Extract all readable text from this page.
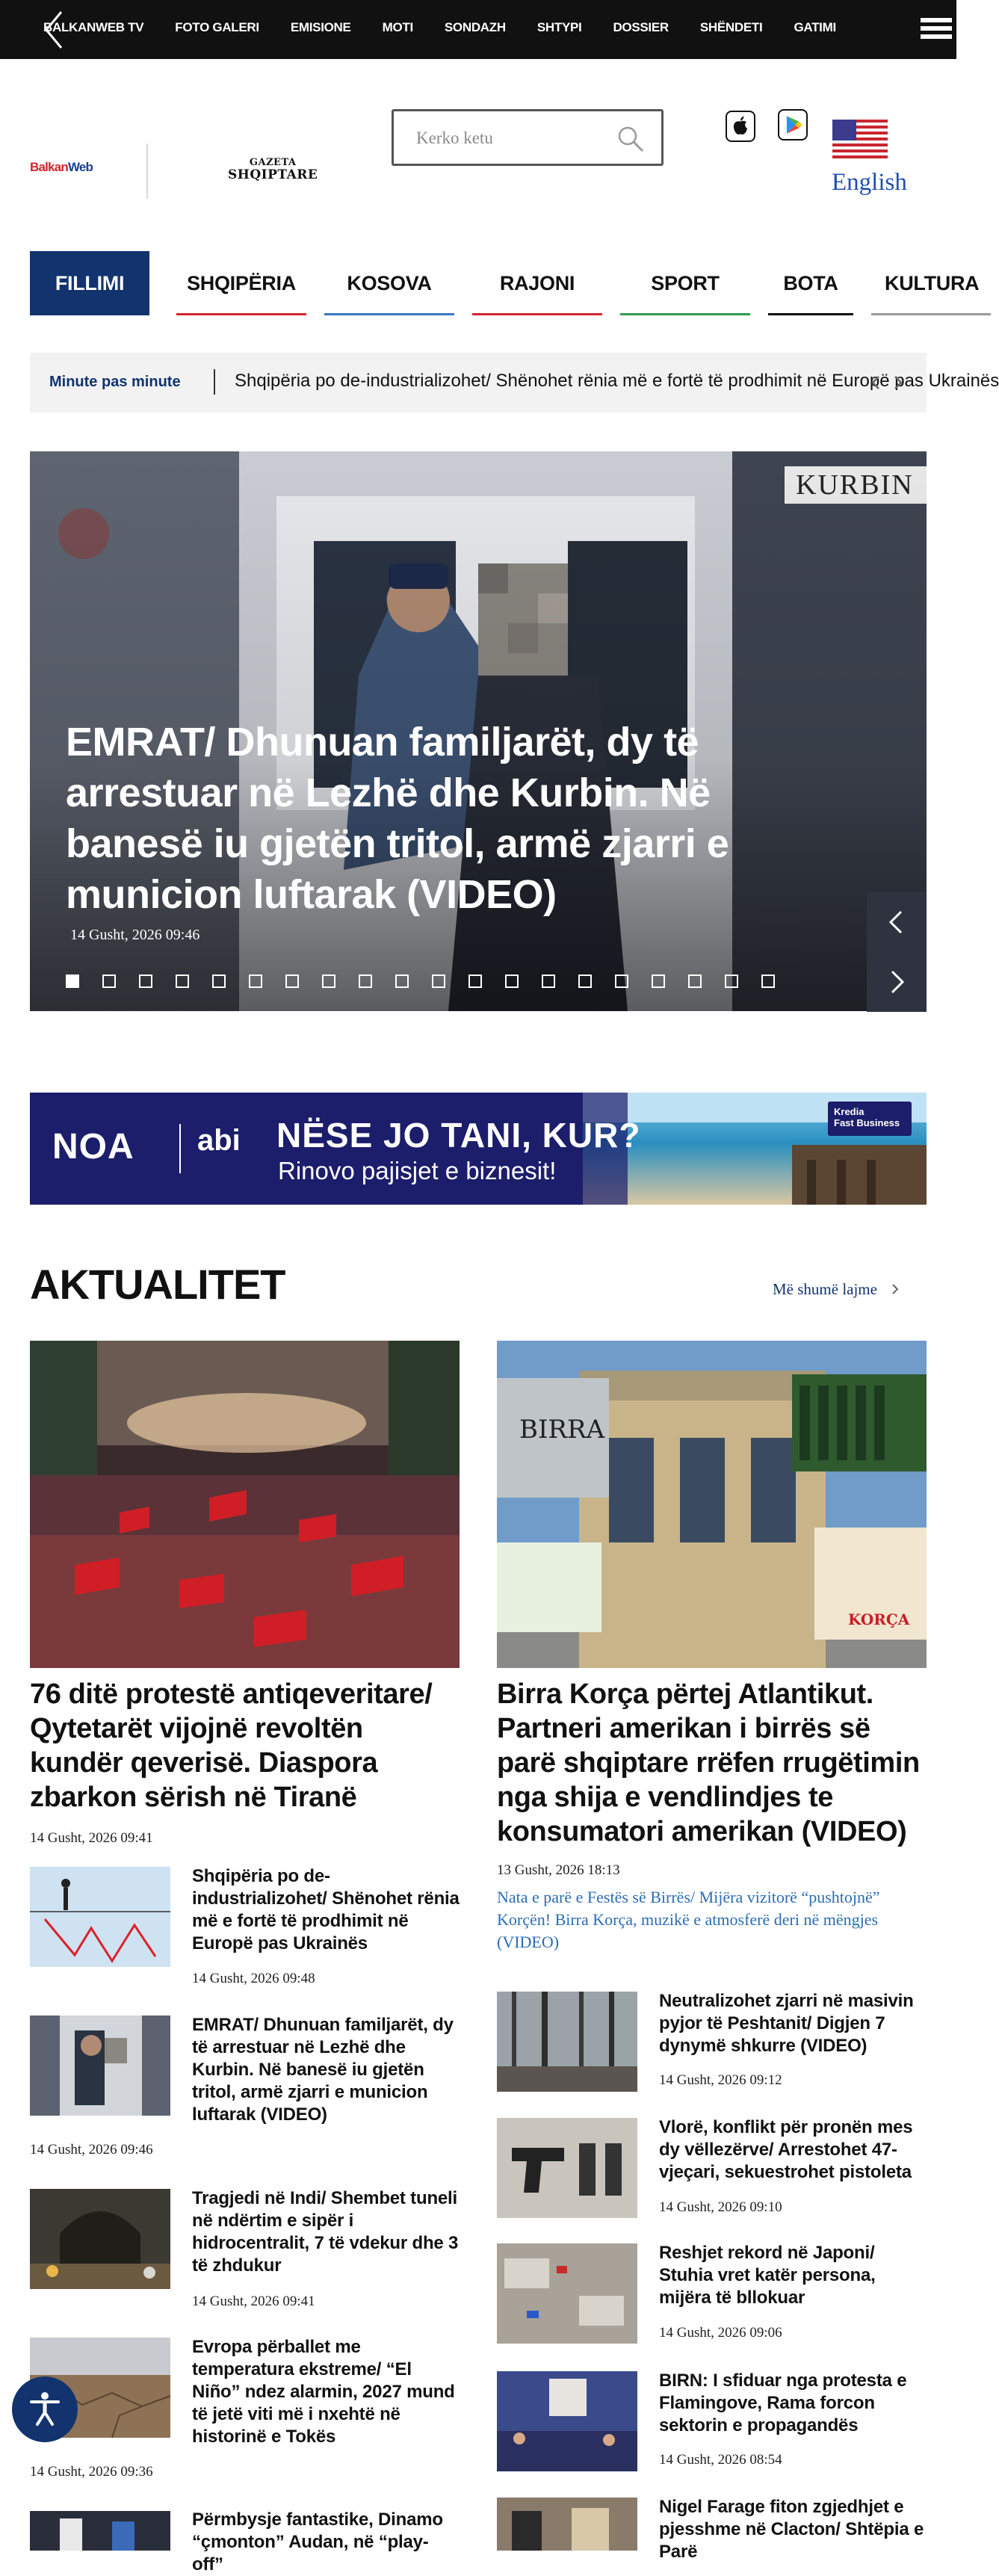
BALKANWEB TV FOTO GALERI EMISIONE MOTI SONDAZH SHTYPI DOSSIER SHËNDETI GATIMI
BalkanWeb	GAZETA
SHQIPTARE
Kerko ketu	English
FILLIMI	SHQIPËRIA	KOSOVA	RAJONI	SPORT	BOTA	KULTURA
Minute pas minute	Shqipëria po de-industrializohet/ Shënohet rënia më e fortë të prodhimit në Europë pas Ukrainës
KURBIN
EMRAT/ Dhunuan familjarët, dy të arrestuar në Lezhë dhe Kurbin. Në banesë iu gjetën tritol, armë zjarri e municion luftarak (VIDEO)
14 Gusht, 2026 09:46
NOA	abi	NËSE JO TANI, KUR?
Rinovo pajisjet e biznesit!
Kredia
Fast Business
AKTUALITET	Më shumë lajme
76 ditë protestë antiqeveritare/ Qytetarët vijojnë revoltën kundër qeverisë. Diaspora zbarkon sërish në Tiranë
14 Gusht, 2026 09:41
BIRRA
KORÇA
Birra Korça përtej Atlantikut. Partneri amerikan i birrës së parë shqiptare rrëfen rrugëtimin nga shija e vendlindjes te konsumatori amerikan (VIDEO)
13 Gusht, 2026 18:13
Nata e parë e Festës së Birrës/ Mijëra vizitorë “pushtojnë” Korçën! Birra Korça, muzikë e atmosferë deri në mëngjes (VIDEO)
Shqipëria po de-industrializohet/ Shënohet rënia më e fortë të prodhimit në Europë pas Ukrainës
14 Gusht, 2026 09:48
EMRAT/ Dhunuan familjarët, dy të arrestuar në Lezhë dhe Kurbin. Në banesë iu gjetën tritol, armë zjarri e municion luftarak (VIDEO)
14 Gusht, 2026 09:46
Tragjedi në Indi/ Shembet tuneli në ndërtim e sipër i hidrocentralit, 7 të vdekur dhe 3 të zhdukur
14 Gusht, 2026 09:41
Evropa përballet me temperatura ekstreme/ “El Niño” ndez alarmin, 2027 mund të jetë viti më i nxehtë në historinë e Tokës
14 Gusht, 2026 09:36
Përmbysje fantastike, Dinamo “çmonton” Audan, në “play-off”
Neutralizohet zjarri në masivin pyjor të Peshtanit/ Digjen 7 dynymë shkurre (VIDEO)
14 Gusht, 2026 09:12
Vlorë, konflikt për pronën mes dy vëllezërve/ Arrestohet 47-vjeçari, sekuestrohet pistoleta
14 Gusht, 2026 09:10
Reshjet rekord në Japoni/ Stuhia vret katër persona, mijëra të bllokuar
14 Gusht, 2026 09:06
BIRN: I sfiduar nga protesta e Flamingove, Rama forcon sektorin e propagandës
14 Gusht, 2026 08:54
Nigel Farage fiton zgjedhjet e pjesshme në Clacton/ Shtëpia e Parë
